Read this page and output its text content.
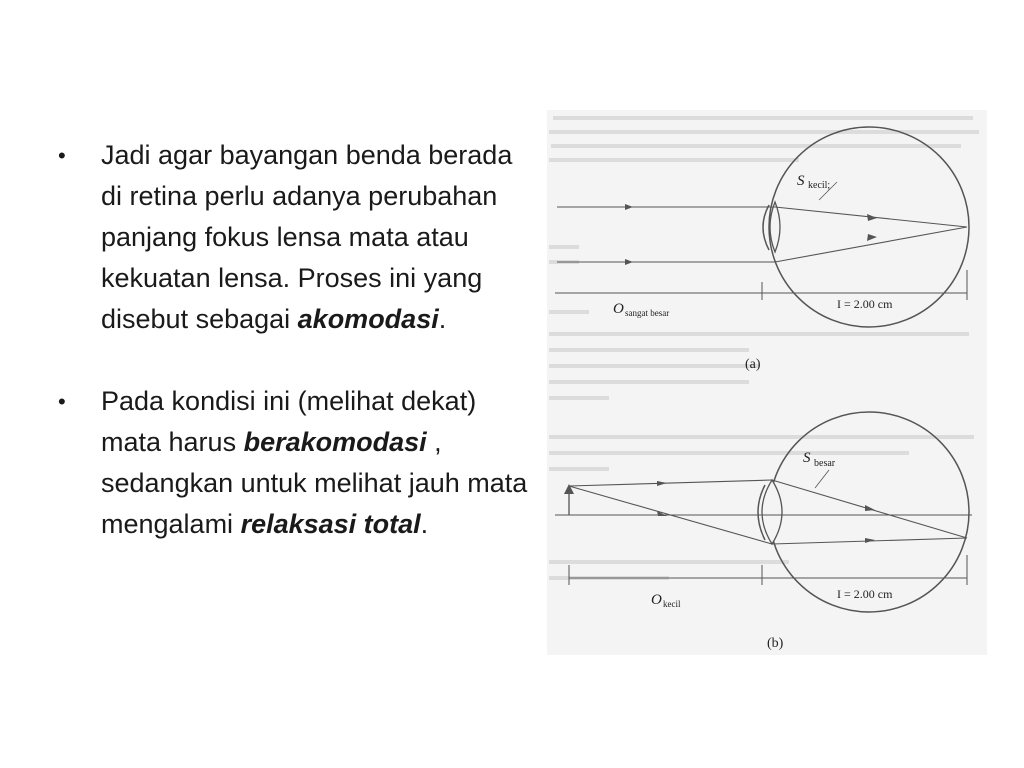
• Jadi agar bayangan benda berada di retina perlu adanya perubahan panjang fokus lensa mata atau kekuatan lensa. Proses ini yang disebut sebagai akomodasi.
• Pada kondisi ini (melihat dekat) mata harus berakomodasi , sedangkan untuk melihat jauh mata mengalami relaksasi total.
S kecil;
O sangat besar
I = 2.00 cm
(a)
S besar
O kecil
I = 2.00 cm
(b)
